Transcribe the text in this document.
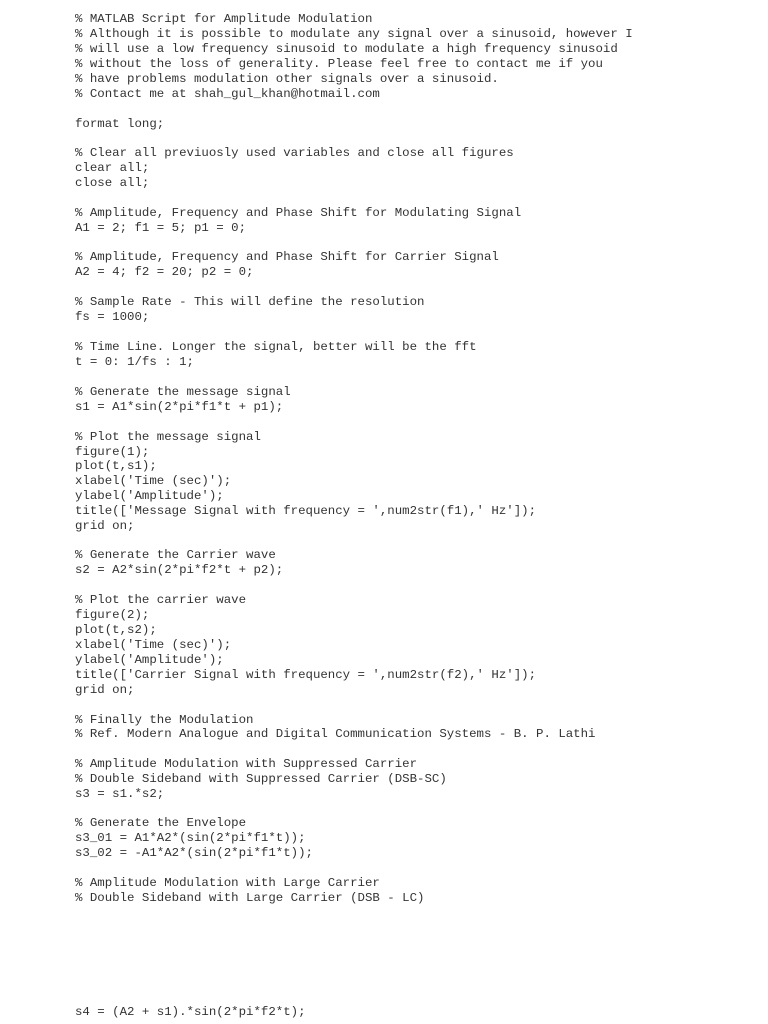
% MATLAB Script for Amplitude Modulation

% Although it is possible to modulate any signal over a sinusoid, however I

% will use a low frequency sinusoid to modulate a high frequency sinusoid

% without the loss of generality. Please feel free to contact me if you

% have problems modulation other signals over a sinusoid.

% Contact me at shah_gul_khan@hotmail.com

format long;

% Clear all previuosly used variables and close all figures

clear all;

close all;

% Amplitude, Frequency and Phase Shift for Modulating Signal

A1 = 2; f1 = 5; p1 = 0;

% Amplitude, Frequency and Phase Shift for Carrier Signal

A2 = 4; f2 = 20; p2 = 0;

% Sample Rate - This will define the resolution

fs = 1000;

% Time Line. Longer the signal, better will be the fft

t = 0: 1/fs : 1;

% Generate the message signal

s1 = A1*sin(2*pi*f1*t + p1);

% Plot the message signal

figure(1);

plot(t,s1);

xlabel('Time (sec)');

ylabel('Amplitude');

title(['Message Signal with frequency = ',num2str(f1),' Hz']);

grid on;

% Generate the Carrier wave

s2 = A2*sin(2*pi*f2*t + p2);

% Plot the carrier wave

figure(2);

plot(t,s2);

xlabel('Time (sec)');

ylabel('Amplitude');

title(['Carrier Signal with frequency = ',num2str(f2),' Hz']);

grid on;

% Finally the Modulation

% Ref. Modern Analogue and Digital Communication Systems - B. P. Lathi

% Amplitude Modulation with Suppressed Carrier

% Double Sideband with Suppressed Carrier (DSB-SC)

s3 = s1.*s2;

% Generate the Envelope

s3_01 = A1*A2*(sin(2*pi*f1*t));

s3_02 = -A1*A2*(sin(2*pi*f1*t));

% Amplitude Modulation with Large Carrier

% Double Sideband with Large Carrier (DSB - LC)

s4 = (A2 + s1).*sin(2*pi*f2*t);
